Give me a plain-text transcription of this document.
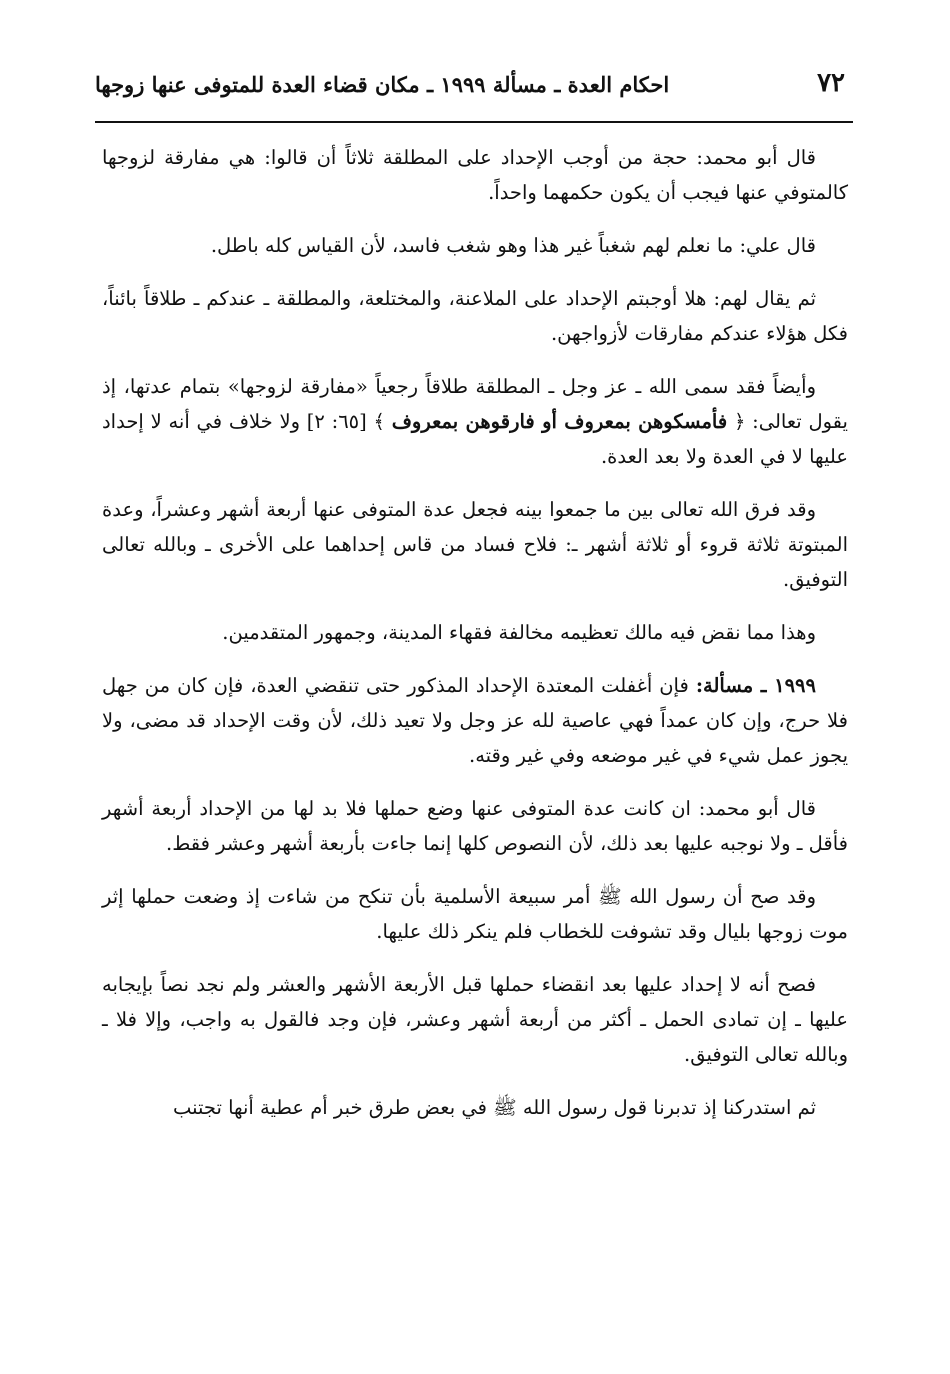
٧٢
احكام العدة ـ مسألة ١٩٩٩ ـ مكان قضاء العدة للمتوفى عنها زوجها

قال أبو محمد: حجة من أوجب الإحداد على المطلقة ثلاثاً أن قالوا: هي مفارقة لزوجها كالمتوفي عنها فيجب أن يكون حكمهما واحداً.

قال علي: ما نعلم لهم شغباً غير هذا وهو شغب فاسد، لأن القياس كله باطل.

ثم يقال لهم: هلا أوجبتم الإحداد على الملاعنة، والمختلعة، والمطلقة ـ عندكم ـ طلاقاً بائناً، فكل هؤلاء عندكم مفارقات لأزواجهن.

وأيضاً فقد سمى الله ـ عز وجل ـ المطلقة طلاقاً رجعياً «مفارقة لزوجها» بتمام عدتها، إذ يقول تعالى: ﴿ فأمسكوهن بمعروف أو فارقوهن بمعروف ﴾ [٦٥: ٢] ولا خلاف في أنه لا إحداد عليها لا في العدة ولا بعد العدة.

وقد فرق الله تعالى بين ما جمعوا بينه فجعل عدة المتوفى عنها أربعة أشهر وعشراً، وعدة المبتوتة ثلاثة قروء أو ثلاثة أشهر ـ: فلاح فساد من قاس إحداهما على الأخرى ـ وبالله تعالى التوفيق.

وهذا مما نقض فيه مالك تعظيمه مخالفة فقهاء المدينة، وجمهور المتقدمين.

١٩٩٩ ـ مسألة: فإن أغفلت المعتدة الإحداد المذكور حتى تنقضي العدة، فإن كان من جهل فلا حرج، وإن كان عمداً فهي عاصية لله عز وجل ولا تعيد ذلك، لأن وقت الإحداد قد مضى، ولا يجوز عمل شيء في غير موضعه وفي غير وقته.

قال أبو محمد: ان كانت عدة المتوفى عنها وضع حملها فلا بد لها من الإحداد أربعة أشهر فأقل ـ ولا نوجبه عليها بعد ذلك، لأن النصوص كلها إنما جاءت بأربعة أشهر وعشر فقط.

وقد صح أن رسول الله ﷺ أمر سبيعة الأسلمية بأن تنكح من شاءت إذ وضعت حملها إثر موت زوجها بليال وقد تشوفت للخطاب فلم ينكر ذلك عليها.

فصح أنه لا إحداد عليها بعد انقضاء حملها قبل الأربعة الأشهر والعشر ولم نجد نصاً بإيجابه عليها ـ إن تمادى الحمل ـ أكثر من أربعة أشهر وعشر، فإن وجد فالقول به واجب، وإلا فلا ـ وبالله تعالى التوفيق.

ثم استدركنا إذ تدبرنا قول رسول الله ﷺ في بعض طرق خبر أم عطية أنها تجتنب
